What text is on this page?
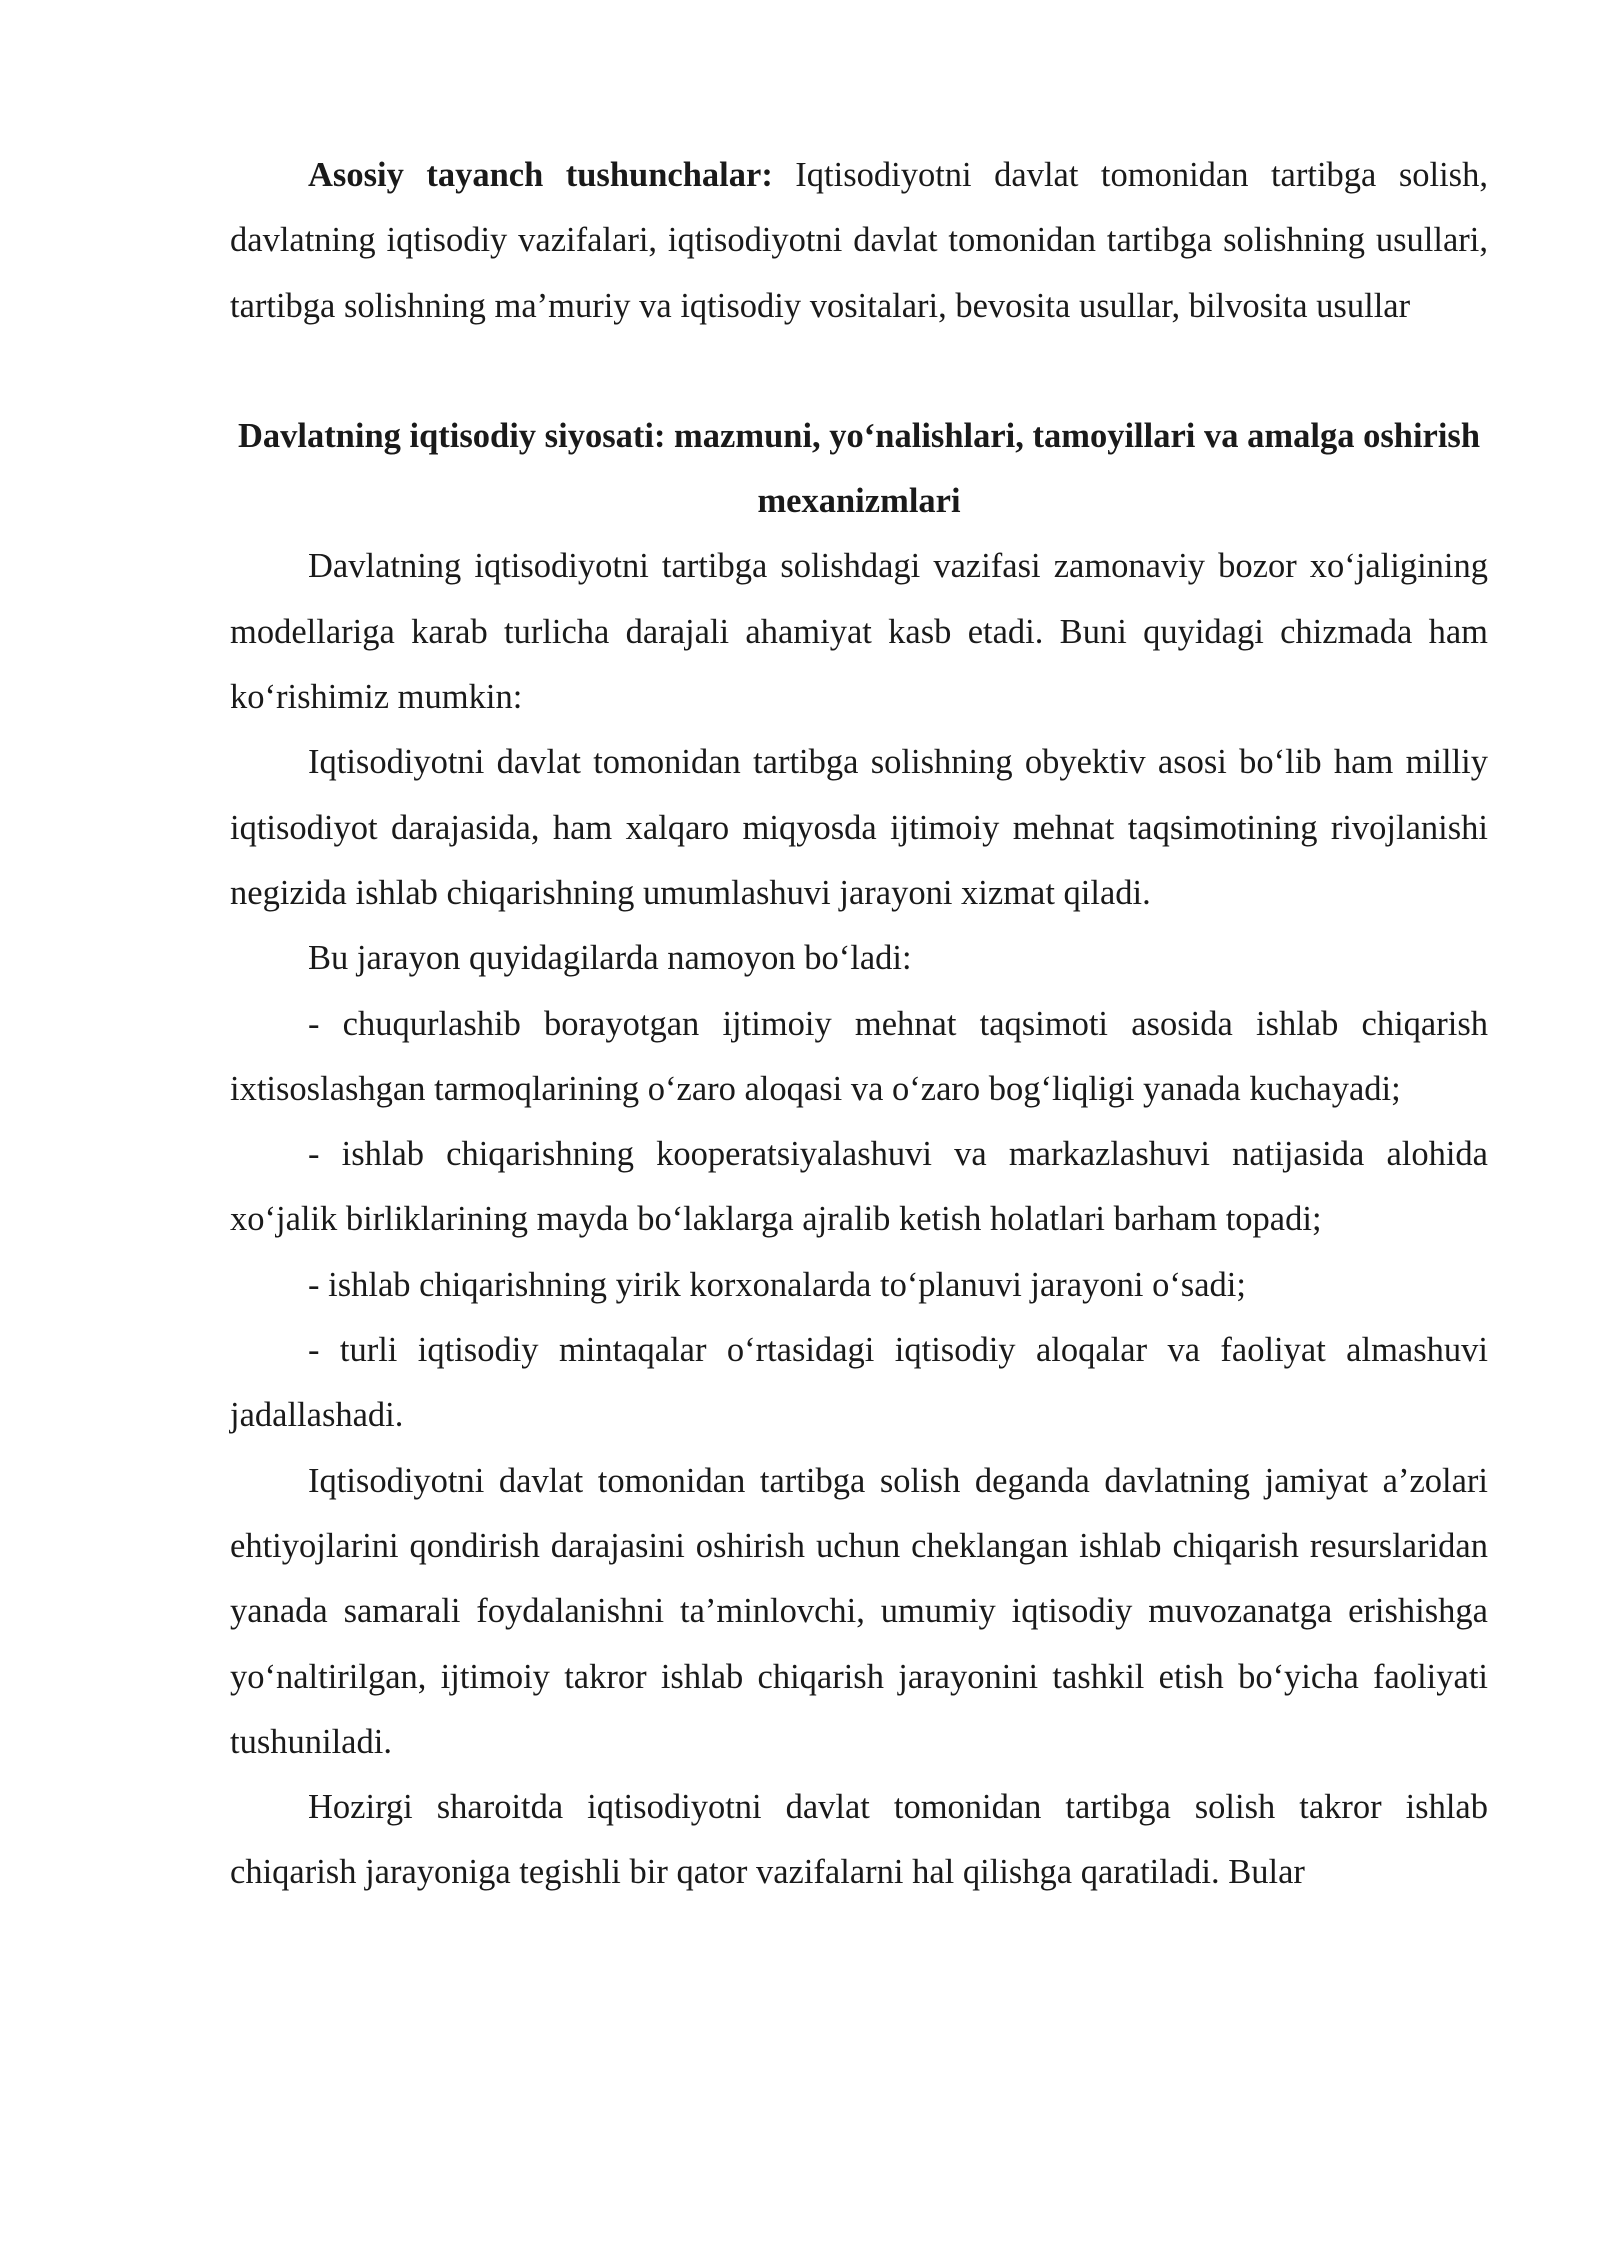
Asosiy tayanch tushunchalar: Iqtisodiyotni davlat tomonidan tartibga solish, davlatning iqtisodiy vazifalari, iqtisodiyotni davlat tomonidan tartibga solishning usullari, tartibga solishning ma’muriy va iqtisodiy vositalari, bevosita usullar, bilvosita usullar

Davlatning iqtisodiy siyosati: mazmuni, yo‘nalishlari, tamoyillari va amalga oshirish mexanizmlari

Davlatning iqtisodiyotni tartibga solishdagi vazifasi zamonaviy bozor xo‘jaligining modellariga karab turlicha darajali ahamiyat kasb etadi. Buni quyidagi chizmada ham ko‘rishimiz mumkin:

Iqtisodiyotni davlat tomonidan tartibga solishning obyektiv asosi bo‘lib ham milliy iqtisodiyot darajasida, ham xalqaro miqyosda ijtimoiy mehnat taqsimotining rivojlanishi negizida ishlab chiqarishning umumlashuvi jarayoni xizmat qiladi.

Bu jarayon quyidagilarda namoyon bo‘ladi:

- chuqurlashib borayotgan ijtimoiy mehnat taqsimoti asosida ishlab chiqarish ixtisoslashgan tarmoqlarining o‘zaro aloqasi va o‘zaro bog‘liqligi yanada kuchayadi;

- ishlab chiqarishning kooperatsiyalashuvi va markazlashuvi natijasida alohida xo‘jalik birliklarining mayda bo‘laklarga ajralib ketish holatlari barham topadi;

- ishlab chiqarishning yirik korxonalarda to‘planuvi jarayoni o‘sadi;

- turli iqtisodiy mintaqalar o‘rtasidagi iqtisodiy aloqalar va faoliyat almashuvi jadallashadi.

Iqtisodiyotni davlat tomonidan tartibga solish deganda davlatning jamiyat a’zolari ehtiyojlarini qondirish darajasini oshirish uchun cheklangan ishlab chiqarish resurslaridan yanada samarali foydalanishni ta’minlovchi, umumiy iqtisodiy muvozanatga erishishga yo‘naltirilgan, ijtimoiy takror ishlab chiqarish jarayonini tashkil etish bo‘yicha faoliyati tushuniladi.

Hozirgi sharoitda iqtisodiyotni davlat tomonidan tartibga solish takror ishlab chiqarish jarayoniga tegishli bir qator vazifalarni hal qilishga qaratiladi. Bular
